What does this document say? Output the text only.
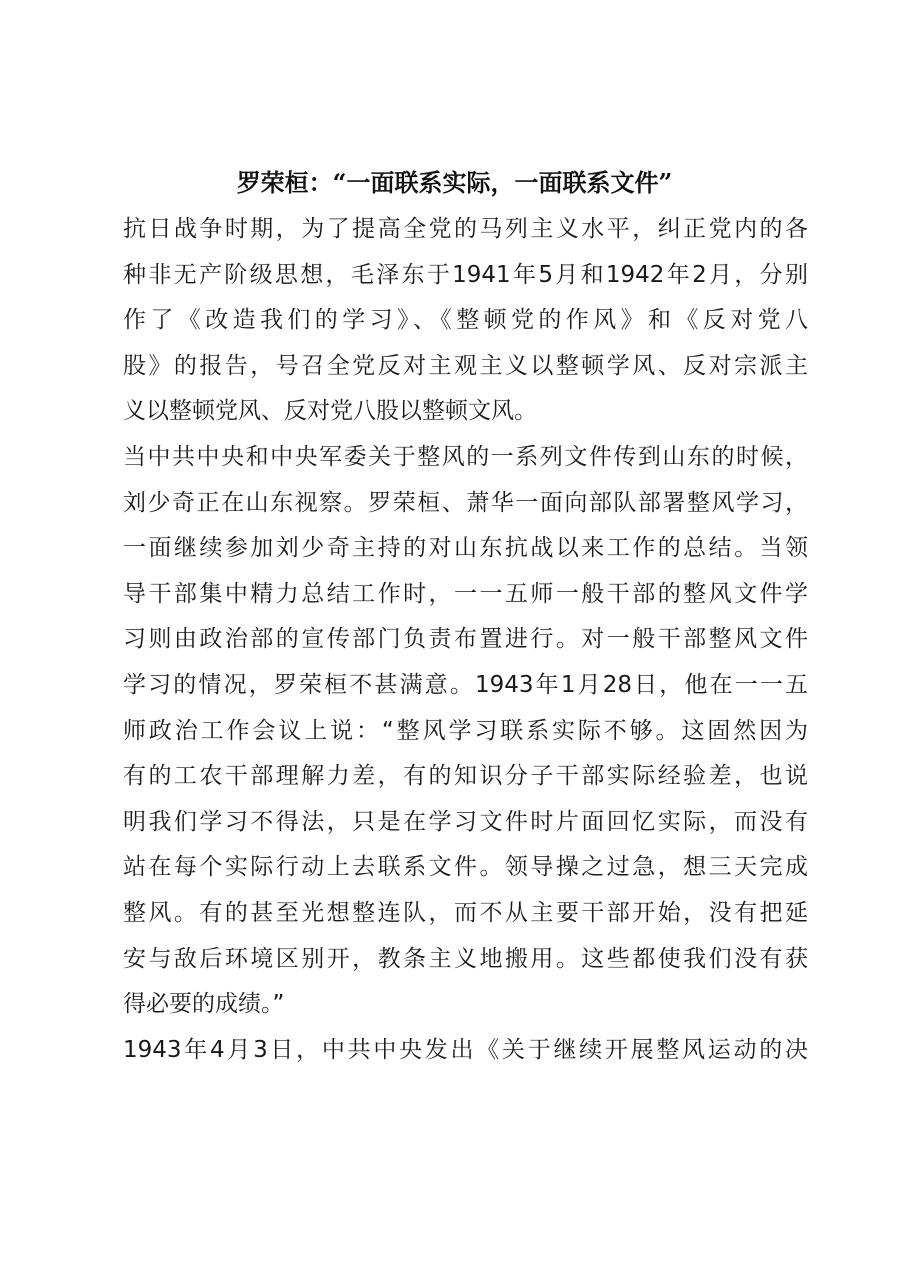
罗荣桓：“一面联系实际，一面联系文件”

抗日战争时期，为了提高全党的马列主义水平，纠正党内的各
种非无产阶级思想，毛泽东于1941年5月和1942年2月，分别
作了《改造我们的学习》、《整顿党的作风》和《反对党八
股》的报告，号召全党反对主观主义以整顿学风、反对宗派主
义以整顿党风、反对党八股以整顿文风。

当中共中央和中央军委关于整风的一系列文件传到山东的时候，
刘少奇正在山东视察。罗荣桓、萧华一面向部队部署整风学习，
一面继续参加刘少奇主持的对山东抗战以来工作的总结。当领
导干部集中精力总结工作时，一一五师一般干部的整风文件学
习则由政治部的宣传部门负责布置进行。对一般干部整风文件
学习的情况，罗荣桓不甚满意。1943年1月28日，他在一一五
师政治工作会议上说：“整风学习联系实际不够。这固然因为
有的工农干部理解力差，有的知识分子干部实际经验差，也说
明我们学习不得法，只是在学习文件时片面回忆实际，而没有
站在每个实际行动上去联系文件。领导操之过急，想三天完成
整风。有的甚至光想整连队，而不从主要干部开始，没有把延
安与敌后环境区别开，教条主义地搬用。这些都使我们没有获
得必要的成绩。”

1943年4月3日，中共中央发出《关于继续开展整风运动的决
